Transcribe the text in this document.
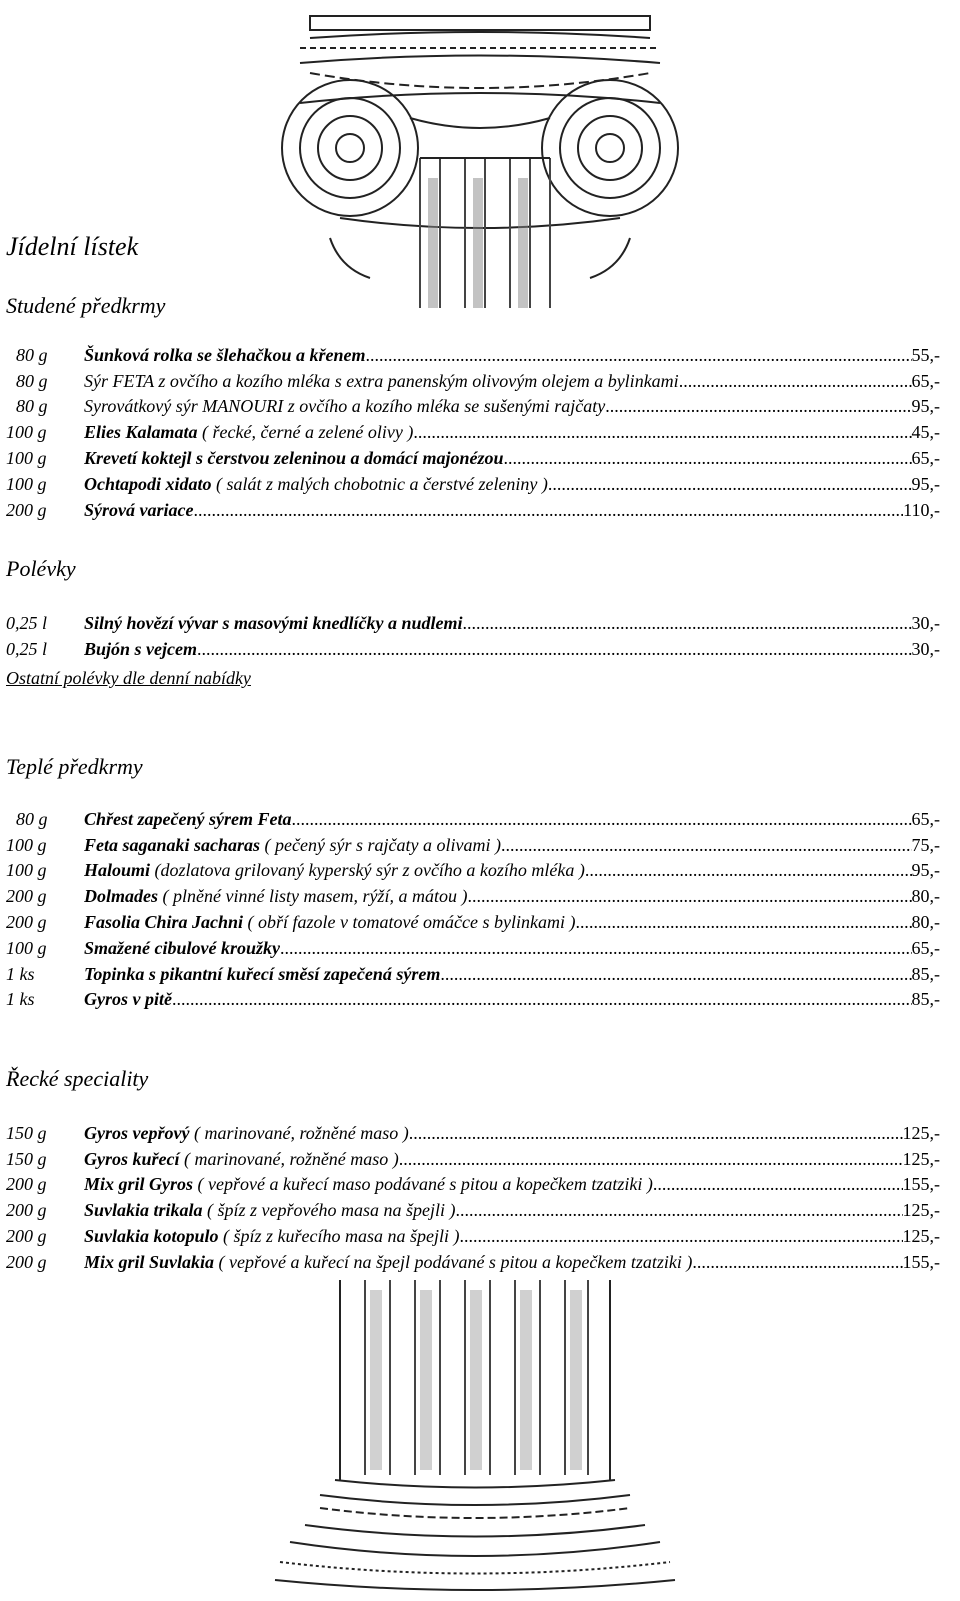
Jídelní lístek
Studené předkrmy
80 g	Šunková rolka se šlehačkou a křenem .....	55,-
80 g	Sýr FETA z ovčího a kozího mléka s extra panenským olivovým olejem a bylinkami .....	65,-
80 g	Syrovátkový sýr MANOURI z ovčího a kozího mléka se sušenými rajčaty .....	95,-
100 g	Elies Kalamata ( řecké, černé a zelené olivy ) .....	45,-
100 g	Krevetí koktejl s čerstvou zeleninou a domácí majonézou .....	65,-
100 g	Ochtapodi xidato ( salát z malých chobotnic a čerstvé zeleniny ) .....	95,-
200 g	Sýrová variace .....	110,-
Polévky
0,25 l	Silný hovězí vývar s masovými knedlíčky a nudlemi .....	30,-
0,25 l	Bujón s vejcem .....	30,-
Ostatní polévky dle denní nabídky
Teplé předkrmy
80 g	Chřest zapečený sýrem Feta .....	65,-
100 g	Feta saganaki sacharas ( pečený sýr s rajčaty a olivami ) .....	75,-
100 g	Haloumi (dozlatova grilovaný kyperský sýr z ovčího a kozího mléka ) .....	95,-
200 g	Dolmades ( plněné vinné listy masem, rýží, a mátou ) .....	80,-
200 g	Fasolia Chira Jachni ( obří fazole v tomatové omáčce s bylinkami ) .....	80,-
100 g	Smažené cibulové kroužky .....	65,-
1 ks	Topinka s pikantní kuřecí směsí zapečená sýrem .....	85,-
1 ks	Gyros v pitě .....	85,-
Řecké speciality
150 g	Gyros vepřový ( marinované, rožněné maso ) .....	125,-
150 g	Gyros kuřecí ( marinované, rožněné maso ) .....	125,-
200 g	Mix gril Gyros ( vepřové a kuřecí maso podávané s pitou a kopečkem tzatziki ) .....	155,-
200 g	Suvlakia trikala ( špíz z vepřového masa na špejli ) .....	125,-
200 g	Suvlakia kotopulo ( špíz z kuřecího masa na špejli ) .....	125,-
200 g	Mix gril Suvlakia ( vepřové a kuřecí na špejl podávané s pitou a kopečkem tzatziki ) .....	155,-
